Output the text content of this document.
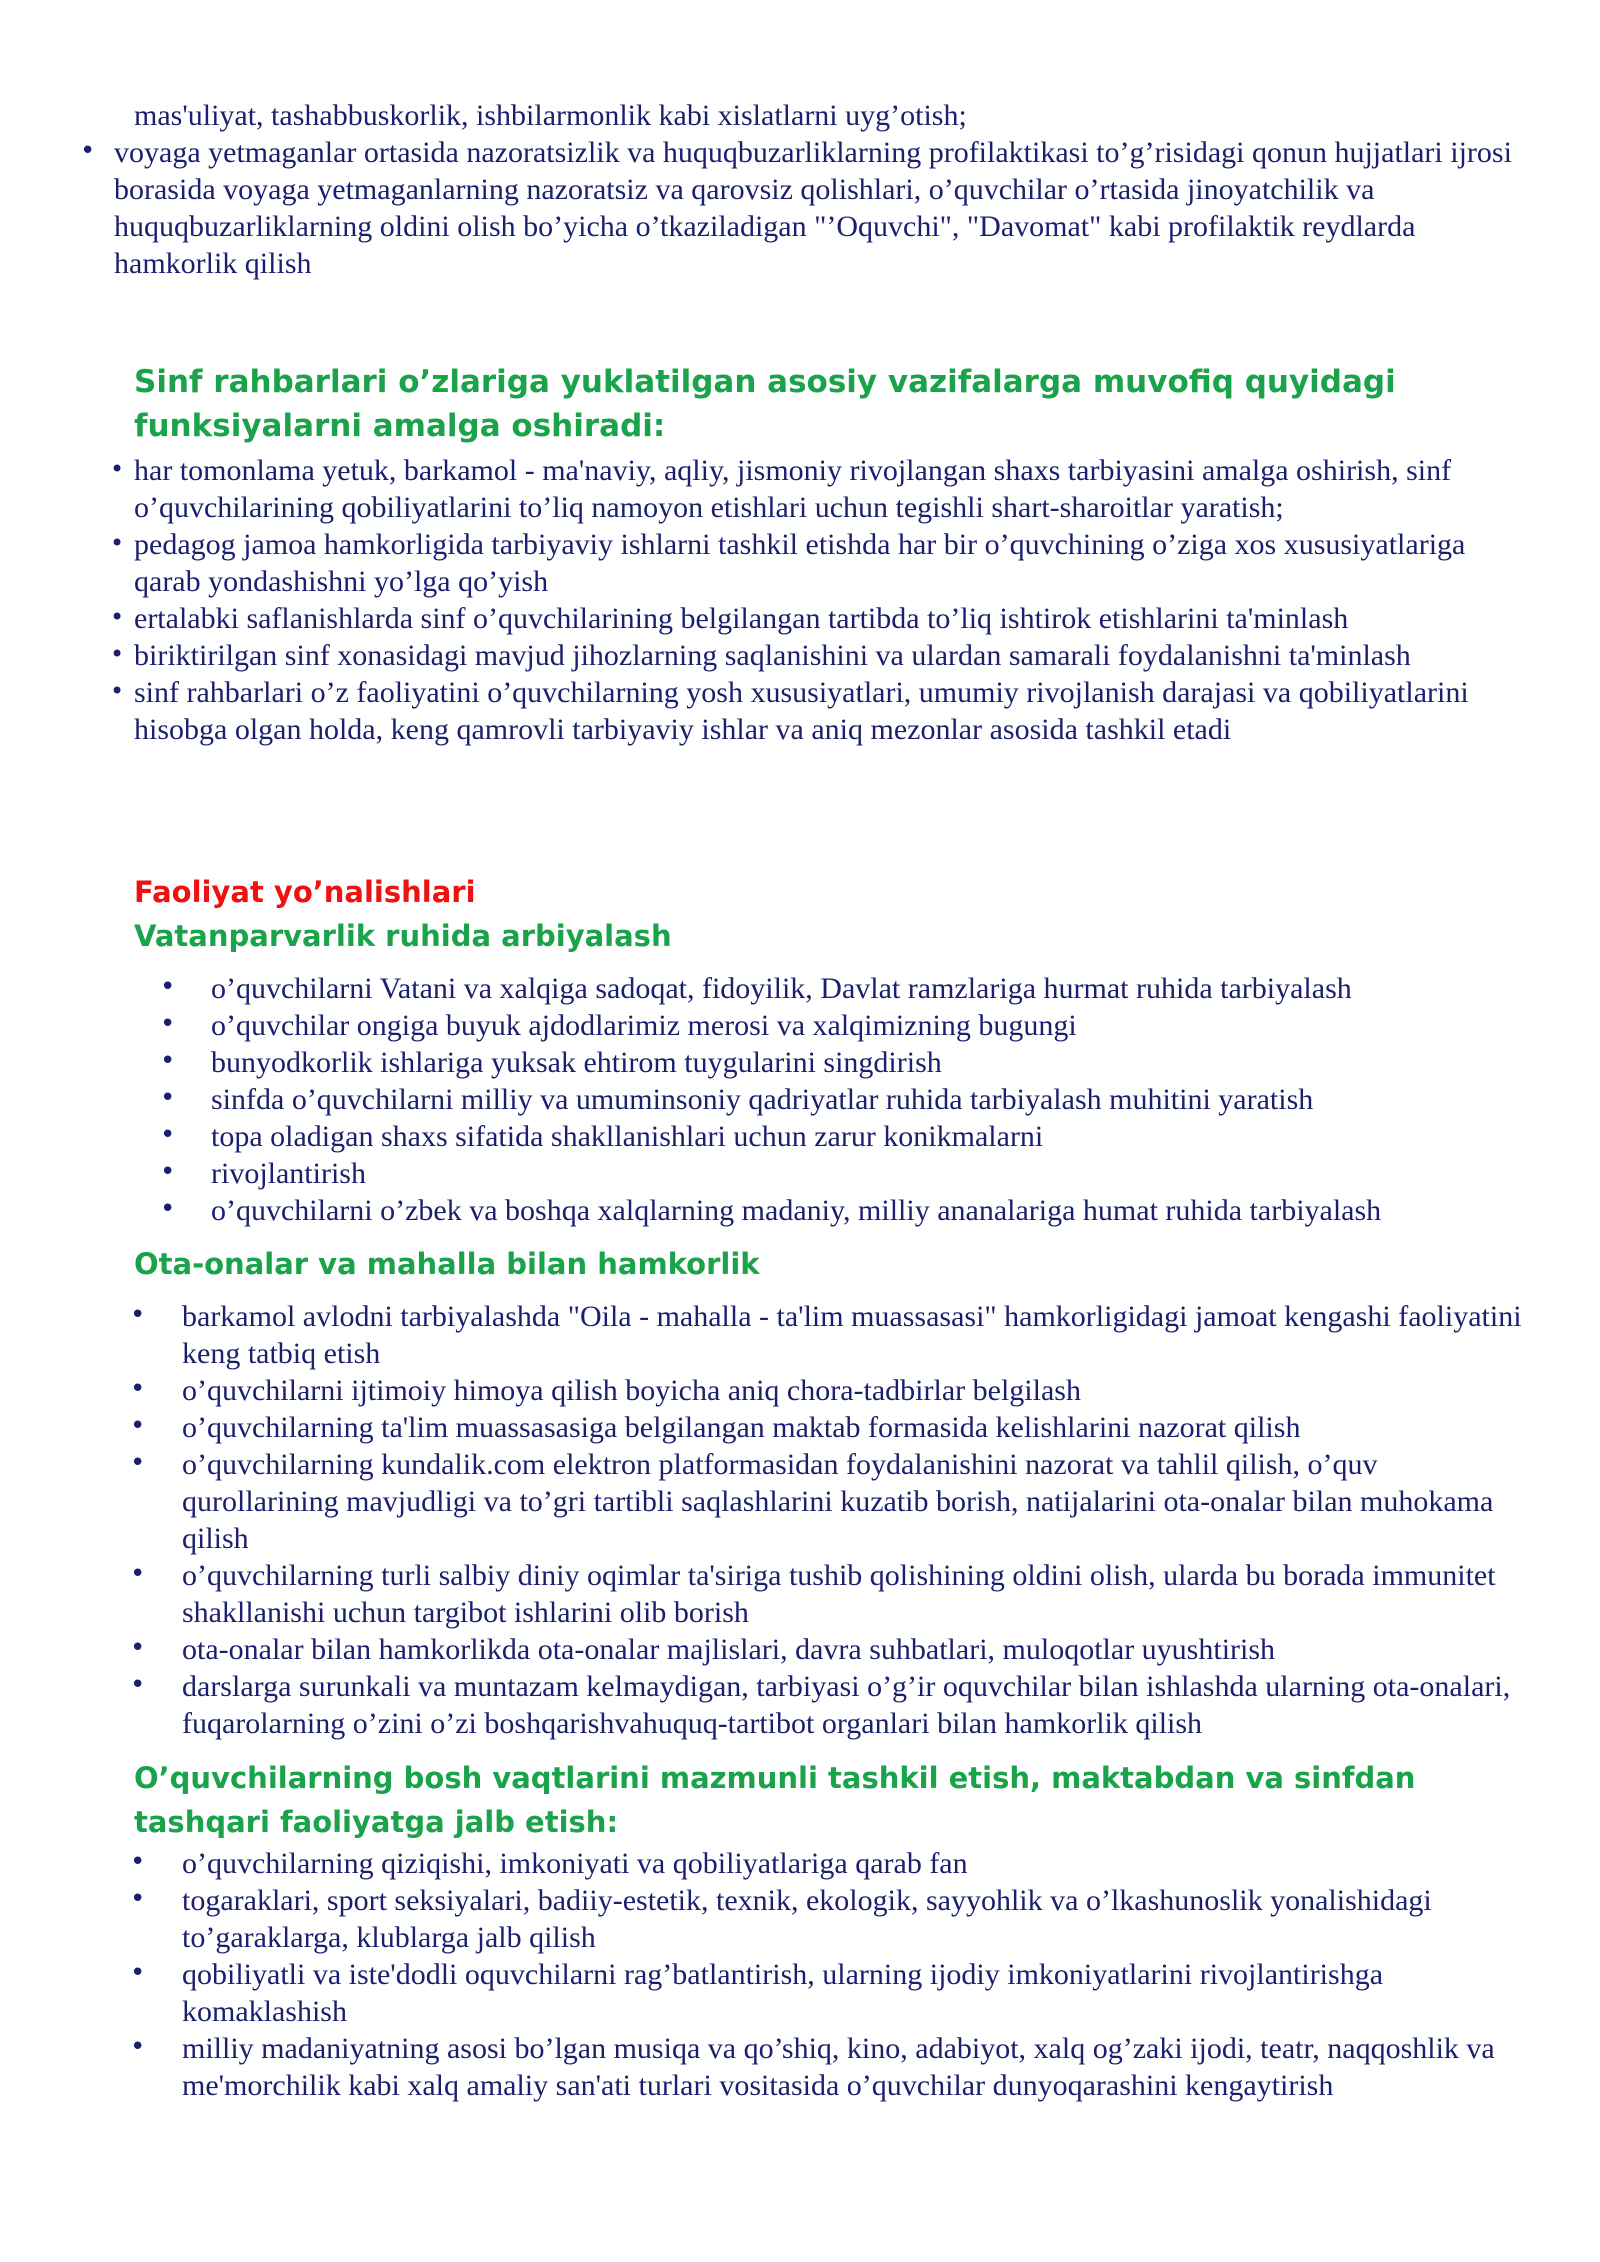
mas'uliyat, tashabbuskorlik, ishbilarmonlik kabi xislatlarni uyg’otish;

• voyaga yetmaganlar ortasida nazoratsizlik va huquqbuzarliklarning profilaktikasi to’g’risidagi qonun hujjatlari ijrosi borasida voyaga yetmaganlarning nazoratsiz va qarovsiz qolishlari, o’quvchilar o’rtasida jinoyatchilik va huquqbuzarliklarning oldini olish bo’yicha o’tkaziladigan "’Oquvchi", "Davomat" kabi profilaktik reydlarda hamkorlik qilish
Sinf rahbarlari o’zlariga yuklatilgan asosiy vazifalarga muvofiq quyidagi funksiyalarni amalga oshiradi:
• har tomonlama yetuk, barkamol - ma'naviy, aqliy, jismoniy rivojlangan shaxs tarbiyasini amalga oshirish, sinf o’quvchilarining qobiliyatlarini to’liq namoyon etishlari uchun tegishli shart-sharoitlar yaratish;
• pedagog jamoa hamkorligida tarbiyaviy ishlarni tashkil etishda har bir o’quvchining o’ziga xos xususiyatlariga qarab yondashishni yo’lga qo’yish
• ertalabki saflanishlarda sinf o’quvchilarining belgilangan tartibda to’liq ishtirok etishlarini ta'minlash
• biriktirilgan sinf xonasidagi mavjud jihozlarning saqlanishini va ulardan samarali foydalanishni ta'minlash
• sinf rahbarlari o’z faoliyatini o’quvchilarning yosh xususiyatlari, umumiy rivojlanish darajasi va qobiliyatlarini hisobga olgan holda, keng qamrovli tarbiyaviy ishlar va aniq mezonlar asosida tashkil etadi
Faoliyat yo’nalishlari
Vatanparvarlik ruhida arbiyalash
• o’quvchilarni Vatani va xalqiga sadoqat, fidoyilik, Davlat ramzlariga hurmat ruhida tarbiyalash
• o’quvchilar ongiga buyuk ajdodlarimiz merosi va xalqimizning bugungi
• bunyodkorlik ishlariga yuksak ehtirom tuygularini singdirish
• sinfda o’quvchilarni milliy va umuminsoniy qadriyatlar ruhida tarbiyalash muhitini yaratish
• topa oladigan shaxs sifatida shakllanishlari uchun zarur konikmalarni
• rivojlantirish
• o’quvchilarni o’zbek va boshqa xalqlarning madaniy, milliy ananalariga humat ruhida tarbiyalash
Ota-onalar va mahalla bilan hamkorlik
• barkamol avlodni tarbiyalashda "Oila - mahalla - ta'lim muassasasi" hamkorligidagi jamoat kengashi faoliyatini keng tatbiq etish
• o’quvchilarni ijtimoiy himoya qilish boyicha aniq chora-tadbirlar belgilash
• o’quvchilarning ta'lim muassasasiga belgilangan maktab formasida kelishlarini nazorat qilish
• o’quvchilarning kundalik.com elektron platformasidan foydalanishini nazorat va tahlil qilish, o’quv qurollarining mavjudligi va to’gri tartibli saqlashlarini kuzatib borish, natijalarini ota-onalar bilan muhokama qilish
• o’quvchilarning turli salbiy diniy oqimlar ta'siriga tushib qolishining oldini olish, ularda bu borada immunitet shakllanishi uchun targibot ishlarini olib borish
• ota-onalar bilan hamkorlikda ota-onalar majlislari, davra suhbatlari, muloqotlar uyushtirish
• darslarga surunkali va muntazam kelmaydigan, tarbiyasi o’g’ir oquvchilar bilan ishlashda ularning ota-onalari, fuqarolarning o’zini o’zi boshqarishvahuquq-tartibot organlari bilan hamkorlik qilish
O’quvchilarning bosh vaqtlarini mazmunli tashkil etish, maktabdan va sinfdan tashqari faoliyatga jalb etish:
• o’quvchilarning qiziqishi, imkoniyati va qobiliyatlariga qarab fan
• togaraklari, sport seksiyalari, badiiy-estetik, texnik, ekologik, sayyohlik va o’lkashunoslik yonalishidagi to’garaklarga, klublarga jalb qilish
• qobiliyatli va iste'dodli oquvchilarni rag’batlantirish, ularning ijodiy imkoniyatlarini rivojlantirishga komaklashish
• milliy madaniyatning asosi bo’lgan musiqa va qo’shiq, kino, adabiyot, xalq og’zaki ijodi, teatr, naqqoshlik va me'morchilik kabi xalq amaliy san'ati turlari vositasida o’quvchilar dunyoqarashini kengaytirish
